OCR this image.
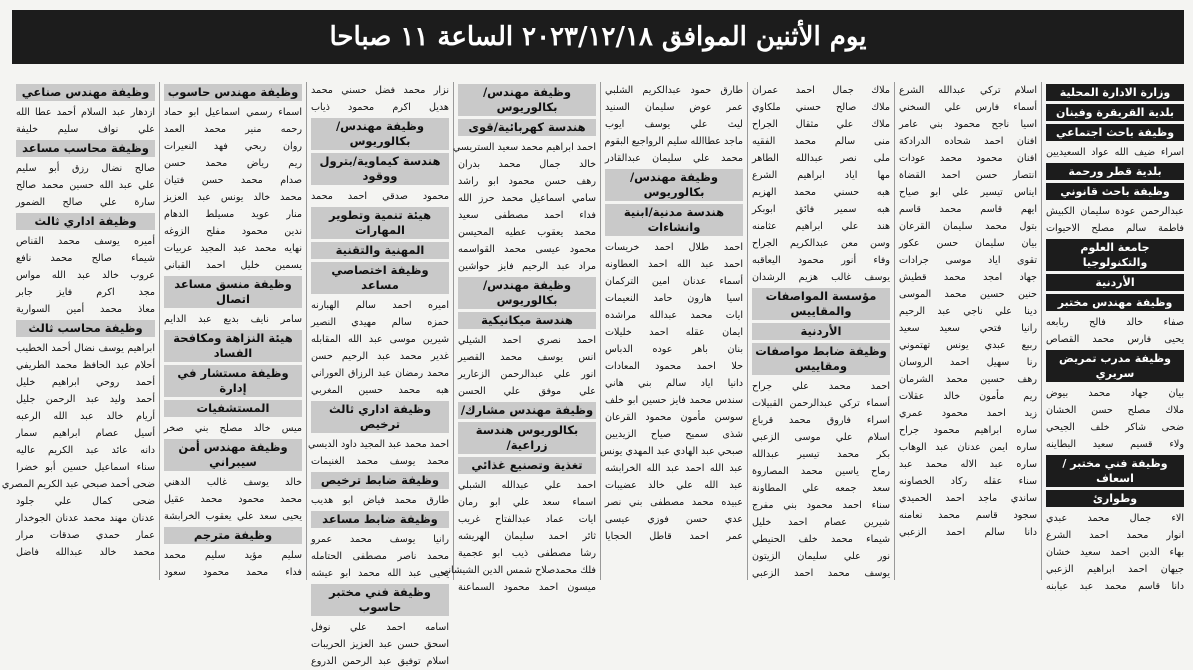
يوم الأثنين الموافق ٢٠٢٣/١٢/١٨ الساعة ١١ صباحا
وزارة الادارة المحلية
بلدية القريقرة وفينان
وظيفة باحث اجتماعي
اسراء ضيف الله عواد السعيديين
بلدية قطر ورحمة
وظيفة باحث قانوني
عبدالرحمن عودة سليمان الكبيش
فاطمة سالم مصلح الاحيوات
جامعة العلوم والتكنولوجيا
الأردنية
وظيفة مهندس مختبر
صفاء خالد فالح ربابعه
يحيى فارس محمد القصاص
وظيفة مدرب تمريض سريري
بيان جهاد محمد بيوض
ملاك مصلح حسن الخشان
ضحى شاكر خلف الجيحي
ولاء قسيم سعيد البطاينه
وظيفة فني مختبر / اسعاف
وطوارئ
الاء جمال محمد عبدي
انوار محمد احمد الشرع
بهاء الدين احمد سعيد خشان
جيهان احمد ابراهيم الزعبي
دانا قاسم محمد عبد عبابنه
اسلام تركي عبدالله الشرع
أسماء فارس علي السخني
اسيا ناجح محمود بني عامر
افنان احمد شحاده الدرادكة
افنان محمود محمد عودات
انتصار حسن احمد القضاة
ايناس تيسير علي ابو صياح
ايهم قاسم محمد قاسم
بتول محمد سليمان القرعان
بيان سليمان حسن عكور
تقوى اياد موسى جرادات
جهاد امجد محمد قطيش
حنين حسين محمد الموسى
دينا علي ناجي عبد الرحيم
رانيا فتحي سعيد سعيد
ربيع عبدي يونس تهتموني
رنا سهيل احمد الروسان
رهف حسين محمد الشرمان
ريم مأمون خالد عقلات
زيد احمد محمود عمري
ساره ابراهيم محمود جراح
ساره ايمن عدنان عبد الوهاب
ساره عبد الاله محمد عبد
سناء عقله ركاد الخصاونه
ساندي ماجد احمد الحميدي
سجود قاسم محمد نعامنه
دانا سالم احمد الزعبي
ملاك جمال احمد عمران
ملاك صالح حسني ملكاوي
ملاك علي مثقال الجراح
منى سالم محمد الفقيه
ملى نصر عبدالله الطاهر
مها اياد ابراهيم الشرع
هبه حسني محمد الهزيم
هبه سمير فائق ابوبكر
هند علي ابراهيم عثامنه
وسن معن عبدالكريم الجراح
وفاء أنور محمود اليعاقبه
يوسف غالب هزيم الرشدان
مؤسسة المواصفات والمقاييس
الأردنية
وظيفة ضابط مواصفات ومقاييس
احمد محمد علي جراح
أسماء تركي عبدالرحمن القبيلات
اسراء فاروق محمد قرباع
اسلام علي موسى الزعبي
بكر محمد تيسير عبدالله
رماح ياسين محمد المصاروة
سعد جمعه علي المطاونة
سناء احمد محمود بني مفرج
شيرين عصام احمد خليل
شيماء محمد خلف الحنيطي
نور علي سليمان الزيتون
يوسف محمد احمد الزعبي
طارق حمود عبدالكريم الشلبي
عمر عوض سليمان السنيد
ليث علي يوسف ايوب
ماجد عطاالله سليم الرواجيع البقوم
محمد علي سليمان عبدالقادر
وظيفة مهندس/بكالوريوس
هندسة مدنية/ابنية وانشاءات
احمد طلال احمد خريسات
احمد عبد الله احمد العطاونه
أسماء عدنان امين التركمان
اسيا هارون حامد النعيمات
ايات محمد عبدالله مراشده
ايمان عقله احمد خليلات
بنان باهر عوده الدباس
حلا احمد محمود المعادات
دانيا اياد سالم بني هاني
سندس محمد فايز حسين ابو خلف
سوسن مأمون محمود القرعان
شذى سميح صياح الزيديين
صبحي عبد الهادي عبد المهدي يونس
عبد الله احمد عبد الله الخرابشه
عبد الله علي خالد عضيبات
عبيده محمد مصطفى بني نصر
عدي حسن فوزي عيسى
عمر احمد قاطل الحجايا
وظيفة مهندس/بكالوريوس
هندسة كهربائية/قوى
احمد ابراهيم محمد سعيد الستريسي
خالد جمال محمد بدران
رهف حسن محمود ابو راشد
سامي اسماعيل محمد حرز الله
فداء احمد مصطفى سعيد
محمد يعقوب عطيه المحيسن
محمود عيسى محمد القواسمه
مراد عبد الرحيم فايز حواشين
وظيفة مهندس/بكالوريوس
هندسة ميكانيكية
احمد نصري احمد الشيلي
انس يوسف محمد القصير
انور علي عبدالرحمن الزعارير
علي موفق علي الحسن
وظيفة مهندس مشارك/
بكالوريوس هندسة زراعية/
تغذية وتصنيع غذائي
احمد علي عبدالله الشبلي
اسماء سعد علي ابو رمان
ايات عماد عبدالفتاح غريب
ثائر احمد سليمان الهريشه
رشا مصطفى ذيب ابو عجمية
فلك محمدصلاح شمس الدين الشيشاني
ميسون احمد محمود السماعنة
نزار محمد فضل حسني محمد
هديل اكرم محمود ذياب
وظيفة مهندس/بكالوريوس
هندسة كيماوية/بترول ووقود
محمود صدقي احمد محمد
هيئة تنمية وتطوير المهارات
المهنية والتقنية
وظيفة اختصاصي مساعد
اميره احمد سالم الهبارنه
حمزه سالم مهيدي النصير
شيرين موسى عبد الله المقابله
غدير محمد عبد الرحيم حسن
محمد رمضان عبد الرزاق العوراني
هبه محمد حسين المغربي
وظيفة اداري ثالث ترخيص
احمد محمد عبد المجيد داود الديسي
محمد يوسف محمد الغنيمات
وظيفة ضابط ترخيص
طارق محمد فياض ابو هديب
وظيفة ضابط مساعد
رانيا يوسف محمد عمرو
محمد ناصر مصطفى الحتامله
يحيى عبد الله محمد ابو عيشه
وظيفة فني مختبر حاسوب
اسامه احمد علي نوفل
اسحق حسن عبد العزيز الحريبات
اسلام توفيق عبد الرحمن الدروع
وظيفة مهندس حاسوب
اسماء رسمي اسماعيل ابو حماد
رحمه منير محمد العمد
روان ربحي فهد النعيرات
ريم رياض محمد حسن
صدام محمد حسن فتيان
محمد خالد يونس عبد العزيز
منار عويد مسيلط الدهام
ندين محمود مفلح الزوغه
نهايه محمد عبد المجيد عربيات
يسمين خليل احمد القباني
وظيفة منسق مساعد اتصال
سامر نايف بديع عبد الدايم
هيئة النزاهة ومكافحة الفساد
وظيفة مستشار في إدارة
المستشفيات
ميس خالد مصلح بني صخر
وظيفة مهندس أمن سيبراني
خالد يوسف غالب الدهني
محمد محمود محمد عقيل
يحيى سعد علي يعقوب الخرابشة
وظيفة مترجم
سليم مؤيد سليم محمد
فداء محمد محمود سعود
وظيفة مهندس صناعي
ازدهار عبد السلام أحمد عطا الله
علي نواف سليم خليفة
وظيفة محاسب مساعد
صالح نضال رزق أبو سليم
علي عبد الله حسين محمد صالح
سارة علي صالح الضمور
وظيفة اداري ثالث
أميره يوسف محمد القناص
شيماء صالح محمد نافع
عروب خالد عبد الله مواس
مجد اكرم فايز جابر
معاذ محمد أمين السوارية
وظيفة محاسب ثالث
ابراهيم يوسف نضال أحمد الخطيب
أحلام عبد الحافظ محمد الطريفي
أحمد روحي ابراهيم خليل
أحمد وليد عبد الرحمن جليل
أريام خالد عبد الله الرعبه
أسيل عصام ابراهيم سمار
دانه عائد عبد الكريم عاليه
سناء اسماعيل حسين أبو خضرا
ضحى أحمد صبحي عبد الكريم المصري
ضحى كمال علي جلود
عدنان مهند محمد عدنان الجوخدار
عمار حمدي صدقات مرار
محمد خالد عبدالله فاضل
